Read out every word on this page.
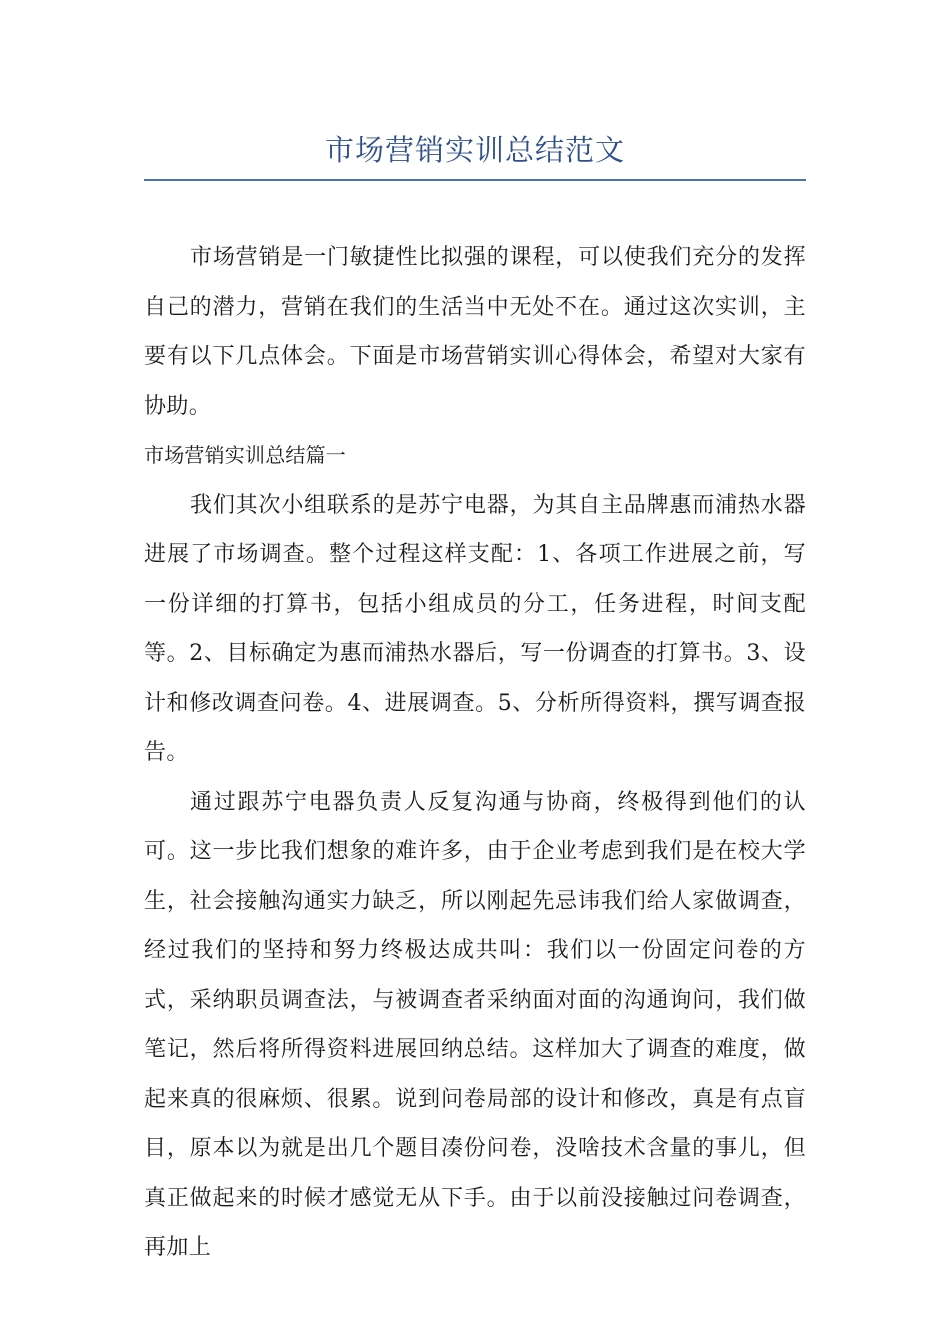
市场营销实训总结范文

市场营销是一门敏捷性比拟强的课程，可以使我们充分的发挥自己的潜力，营销在我们的生活当中无处不在。通过这次实训，主要有以下几点体会。下面是市场营销实训心得体会，希望对大家有协助。

市场营销实训总结篇一

我们其次小组联系的是苏宁电器，为其自主品牌惠而浦热水器进展了市场调查。整个过程这样支配：1、各项工作进展之前，写一份详细的打算书，包括小组成员的分工，任务进程，时间支配等。2、目标确定为惠而浦热水器后，写一份调查的打算书。3、设计和修改调查问卷。4、进展调查。5、分析所得资料，撰写调查报告。

通过跟苏宁电器负责人反复沟通与协商，终极得到他们的认可。这一步比我们想象的难许多，由于企业考虑到我们是在校大学生，社会接触沟通实力缺乏，所以刚起先忌讳我们给人家做调查，经过我们的坚持和努力终极达成共叫：我们以一份固定问卷的方式，采纳职员调查法，与被调查者采纳面对面的沟通询问，我们做笔记，然后将所得资料进展回纳总结。这样加大了调查的难度，做起来真的很麻烦、很累。说到问卷局部的设计和修改，真是有点盲目，原本以为就是出几个题目凑份问卷，没啥技术含量的事儿，但真正做起来的时候才感觉无从下手。由于以前没接触过问卷调查，再加上
